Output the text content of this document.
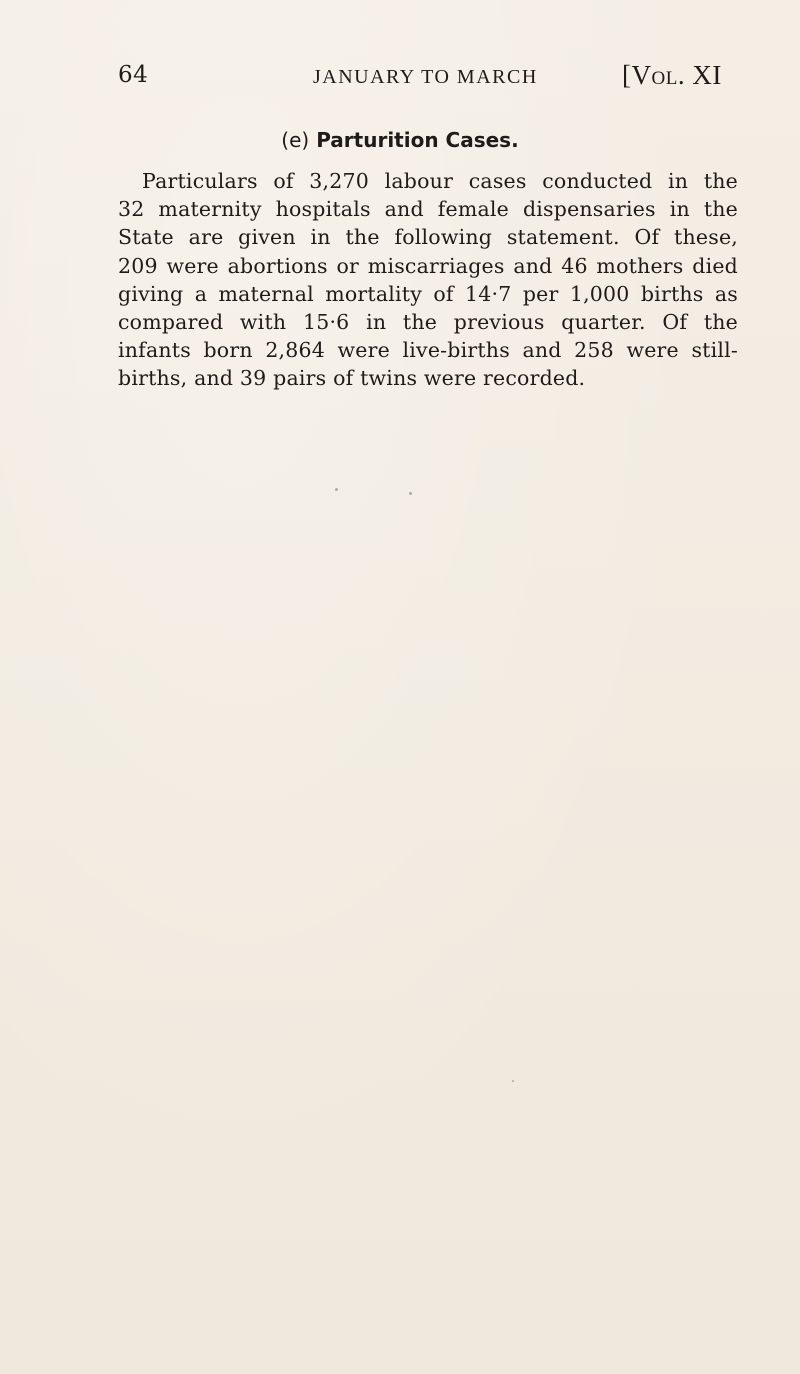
64	JANUARY TO MARCH	[Vol. XI
(e) Parturition Cases.
Particulars of 3,270 labour cases conducted in the
32 maternity hospitals and female dispensaries in the
State are given in the following statement. Of these,
209 were abortions or miscarriages and 46 mothers died
giving a maternal mortality of 14·7 per 1,000 births as
compared with 15·6 in the previous quarter. Of the
infants born 2,864 were live-births and 258 were still-
births, and 39 pairs of twins were recorded.
